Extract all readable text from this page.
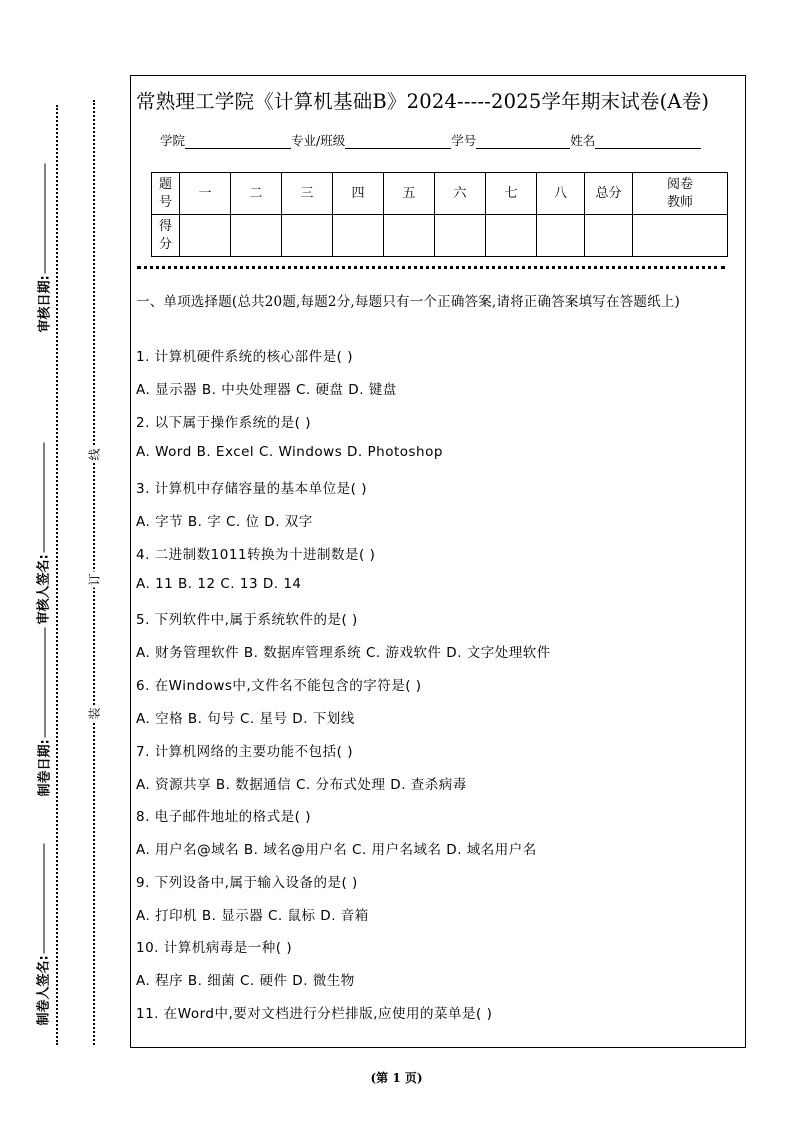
审核日期:
审核人签名:
制卷日期:
制卷人签名:
线
订
装
常熟理工学院《计算机基础B》2024-----2025学年期末试卷(A卷)
学院	专业/班级	学号	姓名
题号	一	二	三	四	五	六	七	八	总分	阅卷教师
得分										
一、单项选择题(总共20题,每题2分,每题只有一个正确答案,请将正确答案填写在答题纸上)
1. 计算机硬件系统的核心部件是( )
A. 显示器 B. 中央处理器 C. 硬盘 D. 键盘
2. 以下属于操作系统的是( )
A. Word B. Excel C. Windows D. Photoshop
3. 计算机中存储容量的基本单位是( )
A. 字节 B. 字 C. 位 D. 双字
4. 二进制数1011转换为十进制数是( )
A. 11 B. 12 C. 13 D. 14
5. 下列软件中,属于系统软件的是( )
A. 财务管理软件 B. 数据库管理系统 C. 游戏软件 D. 文字处理软件
6. 在Windows中,文件名不能包含的字符是( )
A. 空格 B. 句号 C. 星号 D. 下划线
7. 计算机网络的主要功能不包括( )
A. 资源共享 B. 数据通信 C. 分布式处理 D. 查杀病毒
8. 电子邮件地址的格式是( )
A. 用户名@域名 B. 域名@用户名 C. 用户名域名 D. 域名用户名
9. 下列设备中,属于输入设备的是( )
A. 打印机 B. 显示器 C. 鼠标 D. 音箱
10. 计算机病毒是一种( )
A. 程序 B. 细菌 C. 硬件 D. 微生物
11. 在Word中,要对文档进行分栏排版,应使用的菜单是( )
(第 1 页)
